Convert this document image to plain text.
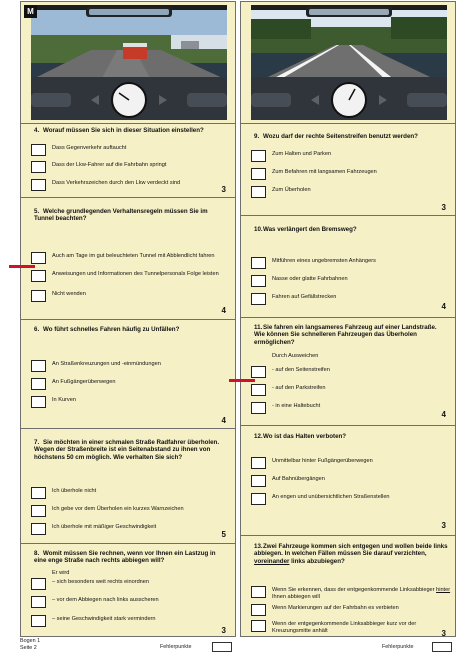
M
4. Worauf müssen Sie sich in dieser Situation einstellen?
Dass Gegenverkehr auftaucht
Dass der Lkw-Fahrer auf die Fahrbahn springt
Dass Verkehrszeichen durch den Lkw verdeckt sind
3
5. Welche grundlegenden Verhaltensregeln müssen Sie im Tunnel beachten?
Auch am Tage im gut beleuchteten Tunnel mit Abblendlicht fahren
Anweisungen und Informationen des Tunnelpersonals Folge leisten
Nicht wenden
4
6. Wo führt schnelles Fahren häufig zu Unfällen?
An Straßenkreuzungen und -einmündungen
An Fußgängerüberwegen
In Kurven
4
7. Sie möchten in einer schmalen Straße Radfahrer überholen. Wegen der Straßenbreite ist ein Seitenabstand zu ihnen von höchstens 50 cm möglich. Wie verhalten Sie sich?
Ich überhole nicht
Ich gebe vor dem Überholen ein kurzes Warnzeichen
Ich überhole mit mäßiger Geschwindigkeit
5
8. Womit müssen Sie rechnen, wenn vor Ihnen ein Lastzug in eine enge Straße nach rechts abbiegen will?
Er wird
– sich besonders weit rechts einordnen
– vor dem Abbiegen nach links ausscheren
– seine Geschwindigkeit stark vermindern
3
9. Wozu darf der rechte Seitenstreifen benutzt werden?
Zum Halten und Parken
Zum Befahren mit langsamen Fahrzeugen
Zum Überholen
3
10.Was verlängert den Bremsweg?
Mitführen eines ungebremsten Anhängers
Nasse oder glatte Fahrbahnen
Fahren auf Gefällstrecken
4
11.Sie fahren ein langsameres Fahrzeug auf einer Landstraße. Wie können Sie schnelleren Fahrzeugen das Überholen ermöglichen?
Durch Ausweichen
- auf den Seitenstreifen
- auf den Parkstreifen
- in eine Haltebucht
4
12.Wo ist das Halten verboten?
Unmittelbar hinter Fußgängerüberwegen
Auf Bahnübergängen
An engen und unübersichtlichen Straßenstellen
3
13.Zwei Fahrzeuge kommen sich entgegen und wollen beide links abbiegen. In welchen Fällen müssen Sie darauf verzichten, voreinander links abzubiegen?
Wenn Sie erkennen, dass der entgegenkommende Linksabbieger hinter Ihnen abbiegen will
Wenn Markierungen auf der Fahrbahn es verbieten
Wenn der entgegenkommende Linksabbieger kurz vor der Kreuzungsmitte anhält	3
Bogen 1
Seite 2	Fehlerpunkte	Fehlerpunkte
